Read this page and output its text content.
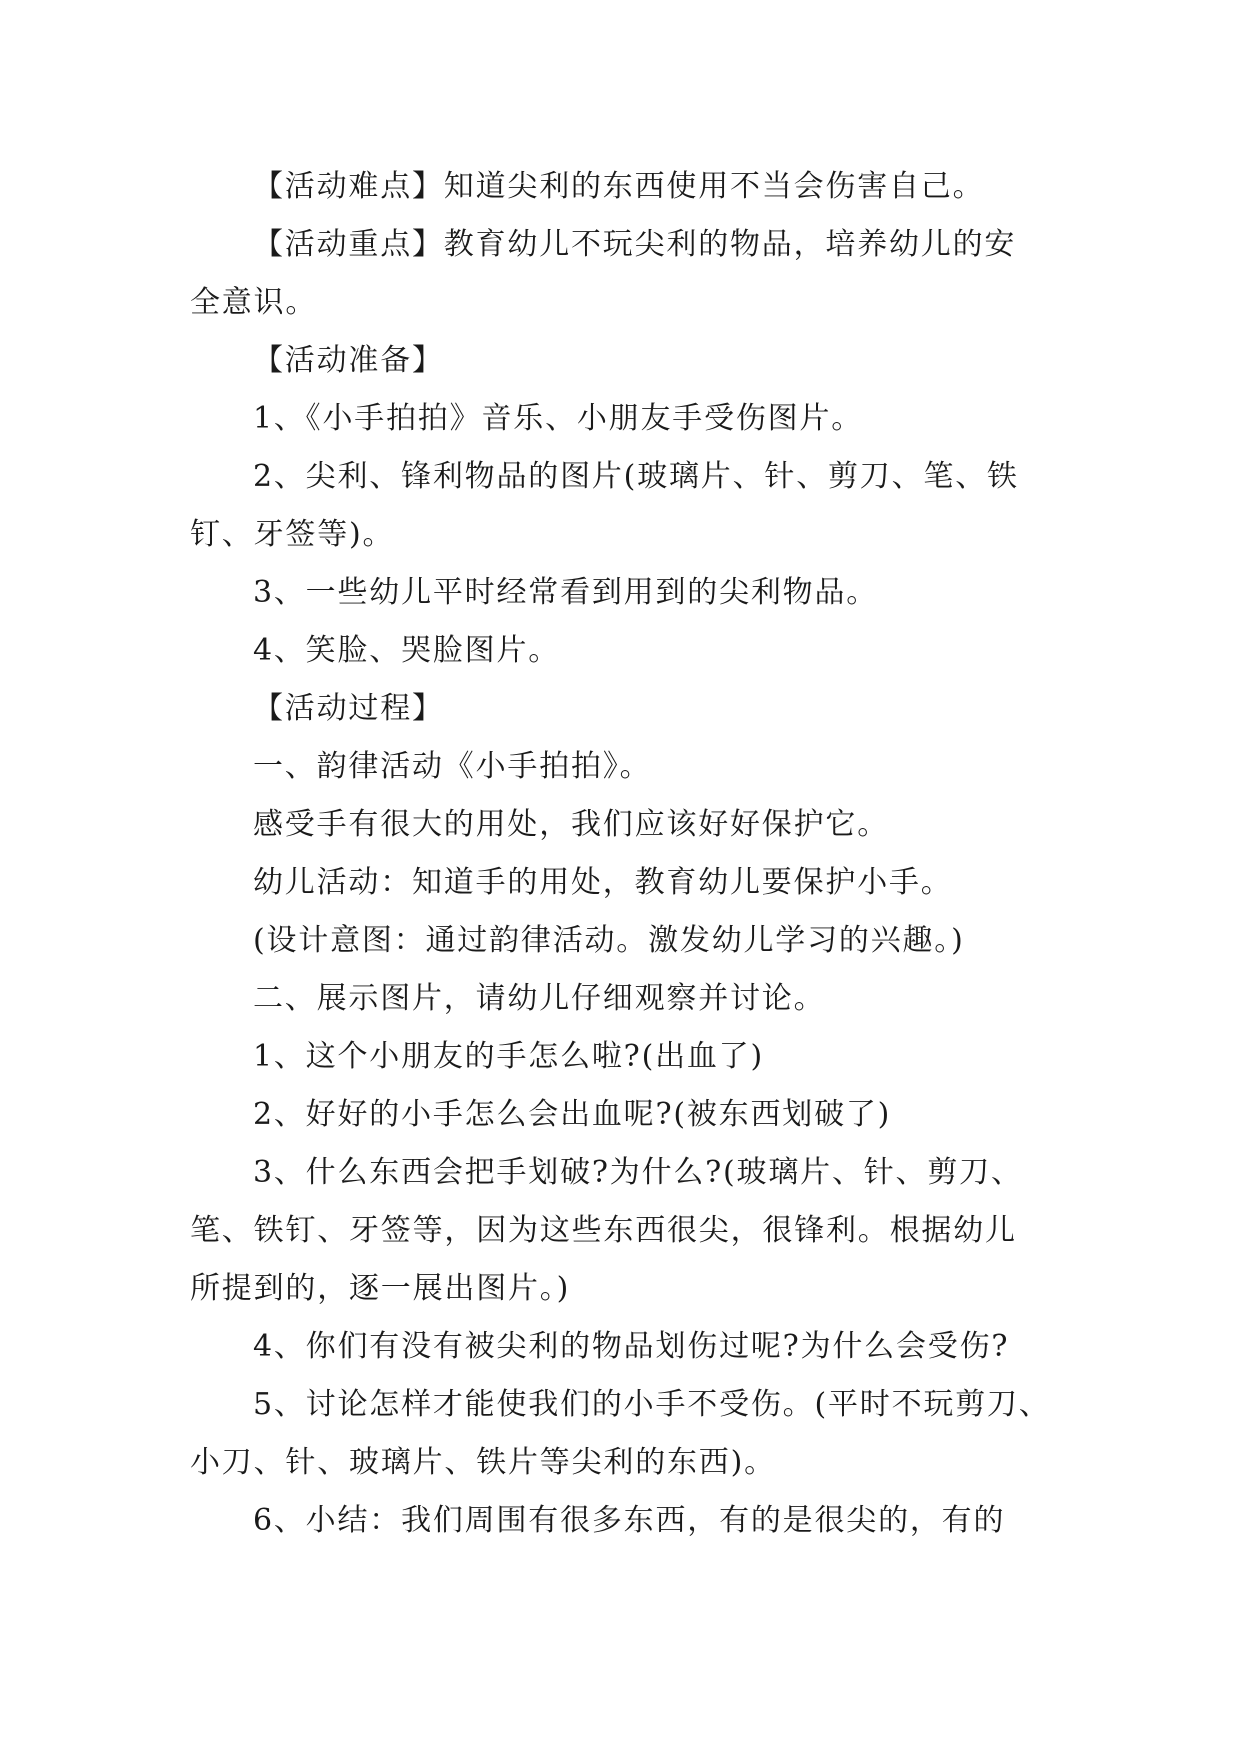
【活动难点】知道尖利的东西使用不当会伤害自己。
【活动重点】教育幼儿不玩尖利的物品，培养幼儿的安
全意识。
【活动准备】
1、《小手拍拍》音乐、小朋友手受伤图片。
2、尖利、锋利物品的图片(玻璃片、针、剪刀、笔、铁
钉、牙签等)。
3、一些幼儿平时经常看到用到的尖利物品。
4、笑脸、哭脸图片。
【活动过程】
一、韵律活动《小手拍拍》。
感受手有很大的用处，我们应该好好保护它。
幼儿活动：知道手的用处，教育幼儿要保护小手。
(设计意图：通过韵律活动。激发幼儿学习的兴趣。)
二、展示图片，请幼儿仔细观察并讨论。
1、这个小朋友的手怎么啦?(出血了)
2、好好的小手怎么会出血呢?(被东西划破了)
3、什么东西会把手划破?为什么?(玻璃片、针、剪刀、
笔、铁钉、牙签等，因为这些东西很尖，很锋利。根据幼儿
所提到的，逐一展出图片。)
4、你们有没有被尖利的物品划伤过呢?为什么会受伤?
5、讨论怎样才能使我们的小手不受伤。(平时不玩剪刀、
小刀、针、玻璃片、铁片等尖利的东西)。
6、小结：我们周围有很多东西，有的是很尖的，有的
